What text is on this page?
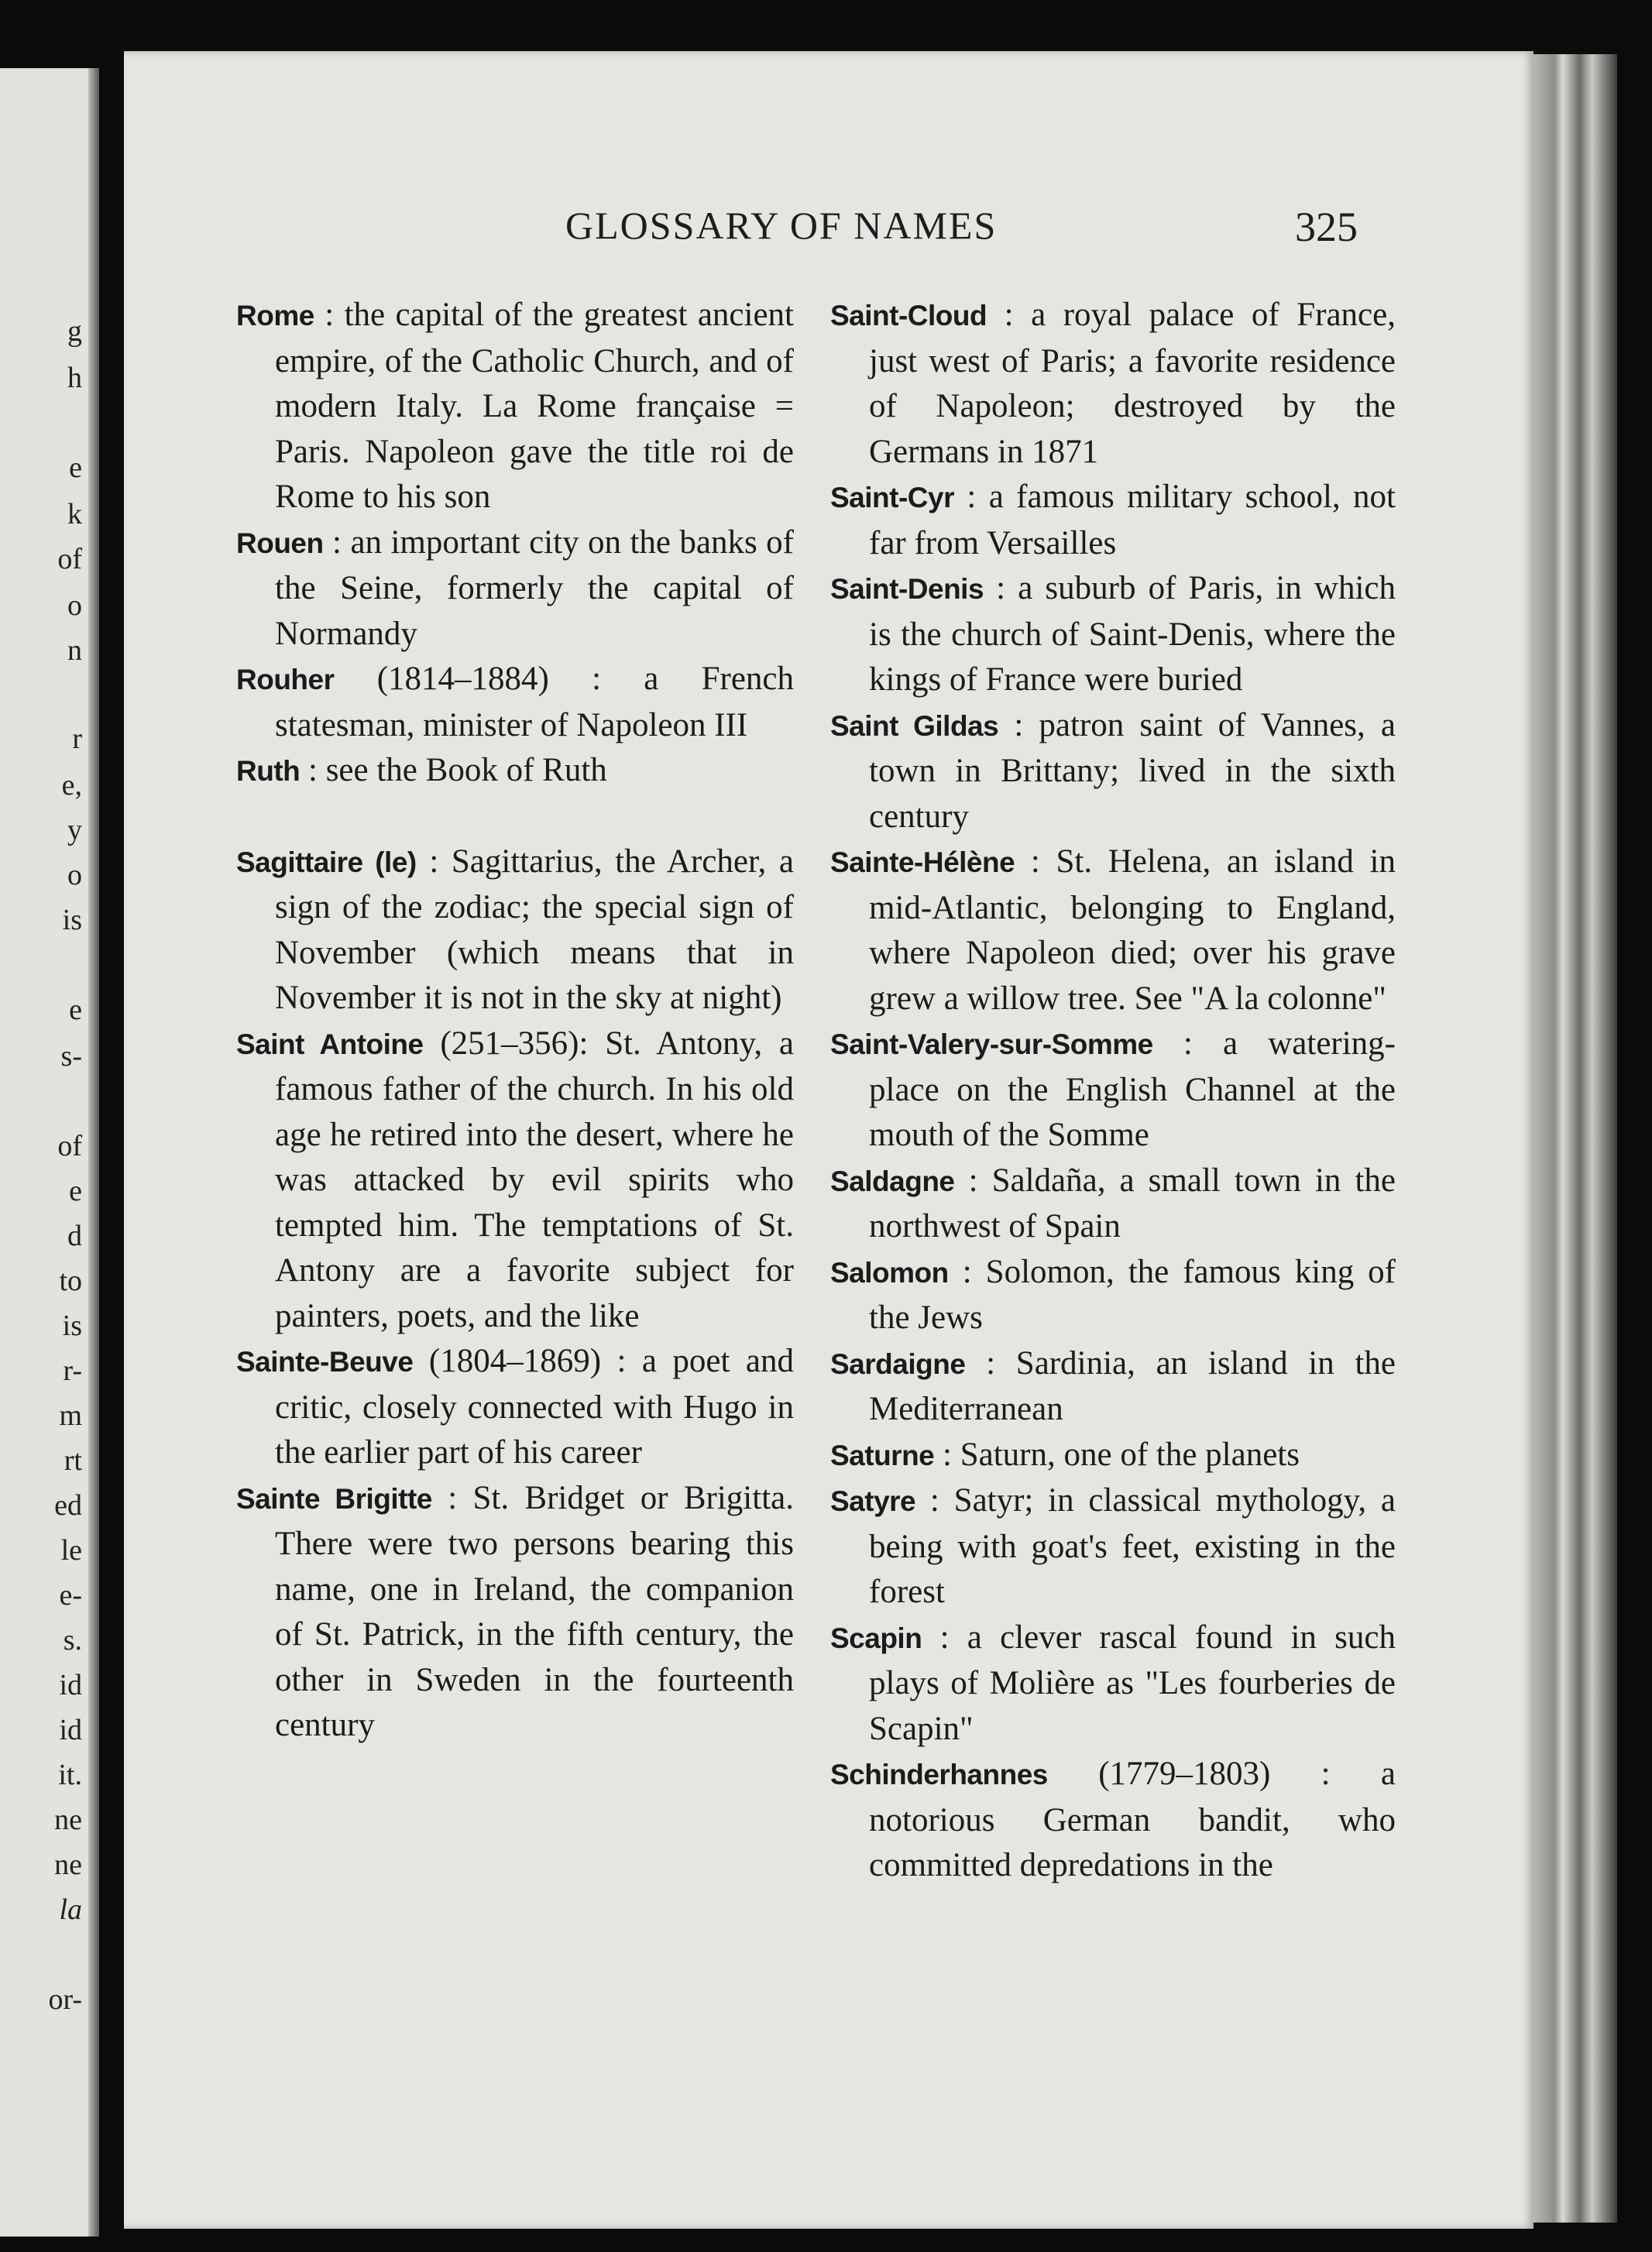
g
h
e
k
of
o
n
r
e,
y
o
is
e
s-
of
e
d
to
is
r-
m
rt
ed
le
e-
s.
id
id
it.
ne
ne
la
or-
GLOSSARY OF NAMES	325
Rome : the capital of the greatest ancient empire, of the Catholic Church, and of modern Italy. La Rome française = Paris. Napoleon gave the title roi de Rome to his son
Rouen : an important city on the banks of the Seine, formerly the capital of Normandy
Rouher (1814–1884) : a French statesman, minister of Napoleon III
Ruth : see the Book of Ruth
Sagittaire (le) : Sagittarius, the Archer, a sign of the zodiac; the special sign of November (which means that in November it is not in the sky at night)
Saint Antoine (251–356): St. Antony, a famous father of the church. In his old age he retired into the desert, where he was attacked by evil spirits who tempted him. The temptations of St. Antony are a favorite subject for painters, poets, and the like
Sainte-Beuve (1804–1869) : a poet and critic, closely connected with Hugo in the earlier part of his career
Sainte Brigitte : St. Bridget or Brigitta. There were two persons bearing this name, one in Ireland, the companion of St. Patrick, in the fifth century, the other in Sweden in the fourteenth century
Saint-Cloud : a royal palace of France, just west of Paris; a favorite residence of Napoleon; destroyed by the Germans in 1871
Saint-Cyr : a famous military school, not far from Versailles
Saint-Denis : a suburb of Paris, in which is the church of Saint-Denis, where the kings of France were buried
Saint Gildas : patron saint of Vannes, a town in Brittany; lived in the sixth century
Sainte-Hélène : St. Helena, an island in mid-Atlantic, belonging to England, where Napoleon died; over his grave grew a willow tree. See "A la colonne"
Saint-Valery-sur-Somme : a watering-place on the English Channel at the mouth of the Somme
Saldagne : Saldaña, a small town in the northwest of Spain
Salomon : Solomon, the famous king of the Jews
Sardaigne : Sardinia, an island in the Mediterranean
Saturne : Saturn, one of the planets
Satyre : Satyr; in classical mythology, a being with goat's feet, existing in the forest
Scapin : a clever rascal found in such plays of Molière as "Les fourberies de Scapin"
Schinderhannes (1779–1803) : a notorious German bandit, who committed depredations in the
